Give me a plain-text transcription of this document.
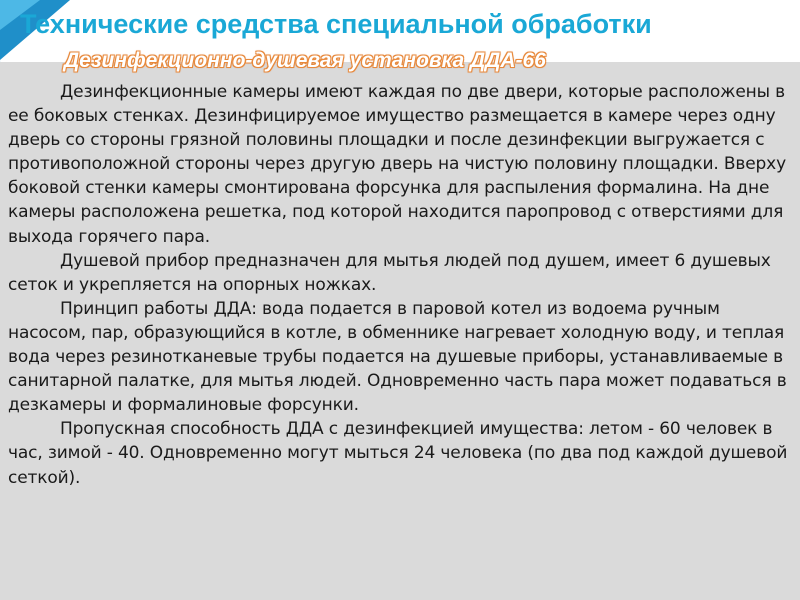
Технические средства специальной обработки
Дезинфекционно-душевая установка ДДА-66

Дезинфекционные камеры имеют каждая по две двери, которые расположены в ее боковых стенках. Дезинфицируемое имущество размещается в камере через одну дверь со стороны грязной половины площадки и после дезинфекции выгружается с противоположной стороны через другую дверь на чистую половину площадки. Вверху боковой стенки камеры смонтирована форсунка для распыления формалина. На дне камеры расположена решетка, под которой находится паропровод с отверстиями для выхода горячего пара.

Душевой прибор предназначен для мытья людей под душем, имеет 6 душевых сеток и укрепляется на опорных ножках.

Принцип работы ДДА: вода подается в паровой котел из водоема ручным насосом, пар, образующийся в котле, в обменнике нагревает холодную воду, и теплая вода через резинотканевые трубы подается на душевые приборы, устанавливаемые в санитарной палатке, для мытья людей. Одновременно часть пара может подаваться в дезкамеры и формалиновые форсунки.

Пропускная способность ДДА с дезинфекцией имущества: летом - 60 человек в час, зимой - 40. Одновременно могут мыться 24 человека (по два под каждой душевой сеткой).
